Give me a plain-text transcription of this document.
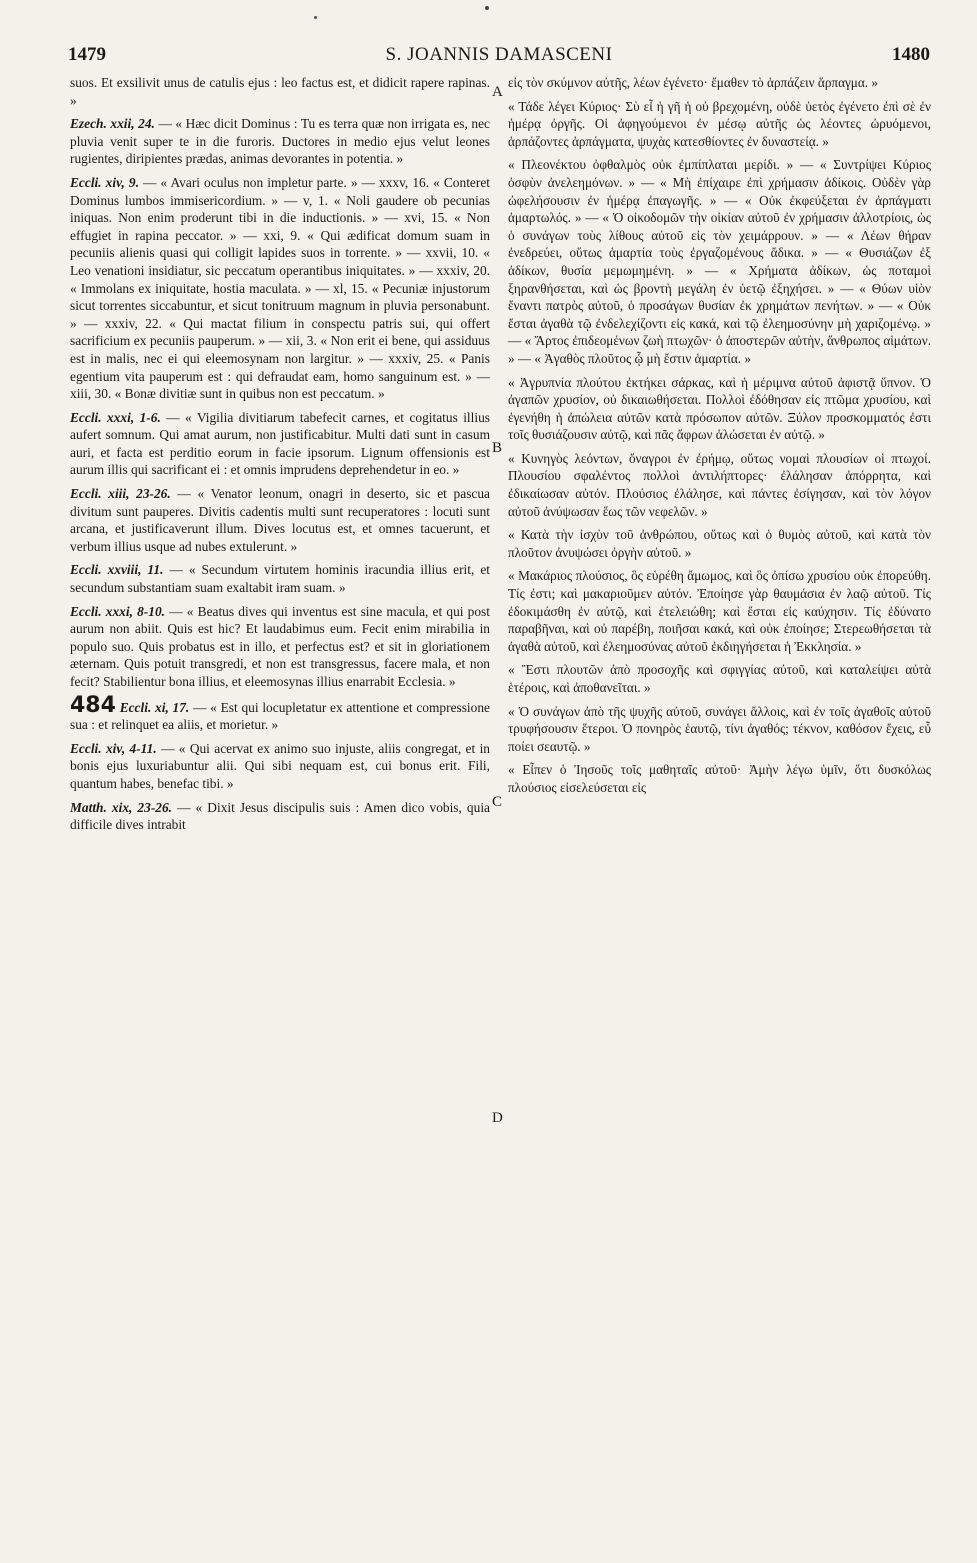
1479	S. JOANNIS DAMASCENI	1480
A
B
C
D

suos. Et exsilivit unus de catulis ejus : leo factus est, et didicit rapere rapinas. »

Ezech. xxii, 24. — « Hæc dicit Dominus : Tu es terra quæ non irrigata es, nec pluvia venit super te in die furoris. Ductores in medio ejus velut leones rugientes, diripientes prædas, animas devorantes in potentia. »

Eccli. xiv, 9. — « Avari oculus non impletur parte. » — xxxv, 16. « Conteret Dominus lumbos immisericordium. » — v, 1. « Noli gaudere ob pecunias iniquas. Non enim proderunt tibi in die inductionis. » — xvi, 15. « Non effugiet in rapina peccator. » — xxi, 9. « Qui ædificat domum suam in pecuniis alienis quasi qui colligit lapides suos in torrente. » — xxvii, 10. « Leo venationi insidiatur, sic peccatum operantibus iniquitates. » — xxxiv, 20. « Immolans ex iniquitate, hostia maculata. » — xl, 15. « Pecuniæ injustorum sicut torrentes siccabuntur, et sicut tonitruum magnum in pluvia personabunt. » — xxxiv, 22. « Qui mactat filium in conspectu patris sui, qui offert sacrificium ex pecuniis pauperum. » — xii, 3. « Non erit ei bene, qui assiduus est in malis, nec ei qui eleemosynam non largitur. » — xxxiv, 25. « Panis egentium vita pauperum est : qui defraudat eam, homo sanguinum est. » — xiii, 30. « Bonæ divitiæ sunt in quibus non est peccatum. »

Eccli. xxxi, 1-6. — « Vigilia divitiarum tabefecit carnes, et cogitatus illius aufert somnum. Qui amat aurum, non justificabitur. Multi dati sunt in casum auri, et facta est perditio eorum in facie ipsorum. Lignum offensionis est aurum illis qui sacrificant ei : et omnis imprudens deprehendetur in eo. »

Eccli. xiii, 23-26. — « Venator leonum, onagri in deserto, sic et pascua divitum sunt pauperes. Divitis cadentis multi sunt recuperatores : locuti sunt arcana, et justificaverunt illum. Dives locutus est, et omnes tacuerunt, et verbum illius usque ad nubes extulerunt. »

Eccli. xxviii, 11. — « Secundum virtutem hominis iracundia illius erit, et secundum substantiam suam exaltabit iram suam. »

Eccli. xxxi, 8-10. — « Beatus dives qui inventus est sine macula, et qui post aurum non abiit. Quis est hic? Et laudabimus eum. Fecit enim mirabilia in populo suo. Quis probatus est in illo, et perfectus est? et sit in gloriationem æternam. Quis potuit transgredi, et non est transgressus, facere mala, et non fecit? Stabilientur bona illius, et eleemosynas illius enarrabit Ecclesia. »

484 Eccli. xi, 17. — « Est qui locupletatur ex attentione et compressione sua : et relinquet ea aliis, et morietur. »

Eccli. xiv, 4-11. — « Qui acervat ex animo suo injuste, aliis congregat, et in bonis ejus luxuriabuntur alii. Qui sibi nequam est, cui bonus erit. Fili, quantum habes, benefac tibi. »

Matth. xix, 23-26. — « Dixit Jesus discipulis suis : Amen dico vobis, quia difficile dives intrabit

εἰς τὸν σκύμνον αὐτῆς, λέων ἐγένετο· ἔμαθεν τὸ ἁρπάζειν ἅρπαγμα. »

« Τάδε λέγει Κύριος· Σὺ εἶ ἡ γῆ ἡ οὐ βρεχομένη, οὐδὲ ὑετὸς ἐγένετο ἐπὶ σὲ ἐν ἡμέρᾳ ὀργῆς. Οἱ ἀφηγούμενοι ἐν μέσῳ αὐτῆς ὡς λέοντες ὠρυόμενοι, ἁρπάζοντες ἁρπάγματα, ψυχὰς κατεσθίοντες ἐν δυναστείᾳ. »

« Πλεονέκτου ὀφθαλμὸς οὐκ ἐμπίπλαται μερίδι. » — « Συντρίψει Κύριος ὀσφὺν ἀνελεημόνων. » — « Μὴ ἐπίχαιρε ἐπὶ χρήμασιν ἀδίκοις. Οὐδὲν γὰρ ὠφελήσουσιν ἐν ἡμέρᾳ ἐπαγωγῆς. » — « Οὐκ ἐκφεύξεται ἐν ἁρπάγματι ἁμαρτωλός. » — « Ὁ οἰκοδομῶν τὴν οἰκίαν αὐτοῦ ἐν χρήμασιν ἀλλοτρίοις, ὡς ὁ συνάγων τοὺς λίθους αὐτοῦ εἰς τὸν χειμάρρουν. » — « Λέων θήραν ἐνεδρεύει, οὕτως ἁμαρτία τοὺς ἐργαζομένους ἄδικα. » — « Θυσιάζων ἐξ ἀδίκων, θυσία μεμωμημένη. » — « Χρήματα ἀδίκων, ὡς ποταμοὶ ξηρανθήσεται, καὶ ὡς βροντὴ μεγάλη ἐν ὑετῷ ἐξηχήσει. » — « Θύων υἱὸν ἔναντι πατρὸς αὐτοῦ, ὁ προσάγων θυσίαν ἐκ χρημάτων πενήτων. » — « Οὐκ ἔσται ἀγαθὰ τῷ ἐνδελεχίζοντι εἰς κακά, καὶ τῷ ἐλεημοσύνην μὴ χαριζομένῳ. » — « Ἄρτος ἐπιδεομένων ζωὴ πτωχῶν· ὁ ἀποστερῶν αὐτὴν, ἄνθρωπος αἱμάτων. » — « Ἀγαθὸς πλοῦτος ᾧ μὴ ἔστιν ἁμαρτία. »

« Ἀγρυπνία πλούτου ἐκτήκει σάρκας, καὶ ἡ μέριμνα αὐτοῦ ἀφιστᾷ ὕπνον. Ὁ ἀγαπῶν χρυσίον, οὐ δικαιωθήσεται. Πολλοὶ ἐδόθησαν εἰς πτῶμα χρυσίου, καὶ ἐγενήθη ἡ ἀπώλεια αὐτῶν κατὰ πρόσωπον αὐτῶν. Ξύλον προσκομματός ἐστι τοῖς θυσιάζουσιν αὐτῷ, καὶ πᾶς ἄφρων ἁλώσεται ἐν αὐτῷ. »

« Κυνηγὸς λεόντων, ὄναγροι ἐν ἐρήμῳ, οὕτως νομαὶ πλουσίων οἱ πτωχοί. Πλουσίου σφαλέντος πολλοὶ ἀντιλήπτορες· ἐλάλησαν ἀπόρρητα, καὶ ἐδικαίωσαν αὐτόν. Πλούσιος ἐλάλησε, καὶ πάντες ἐσίγησαν, καὶ τὸν λόγον αὐτοῦ ἀνύψωσαν ἕως τῶν νεφελῶν. »

« Κατὰ τὴν ἰσχὺν τοῦ ἀνθρώπου, οὕτως καὶ ὁ θυμὸς αὐτοῦ, καὶ κατὰ τὸν πλοῦτον ἀνυψώσει ὀργὴν αὐτοῦ. »

« Μακάριος πλούσιος, ὃς εὑρέθη ἄμωμος, καὶ ὃς ὀπίσω χρυσίου οὐκ ἐπορεύθη. Τίς ἐστι; καὶ μακαριοῦμεν αὐτόν. Ἐποίησε γὰρ θαυμάσια ἐν λαῷ αὐτοῦ. Τίς ἐδοκιμάσθη ἐν αὐτῷ, καὶ ἐτελειώθη; καὶ ἔσται εἰς καύχησιν. Τίς ἐδύνατο παραβῆναι, καὶ οὐ παρέβη, ποιῆσαι κακά, καὶ οὐκ ἐποίησε; Στερεωθήσεται τὰ ἀγαθὰ αὐτοῦ, καὶ ἐλεημοσύνας αὐτοῦ ἐκδιηγήσεται ἡ Ἐκκλησία. »

« Ἔστι πλουτῶν ἀπὸ προσοχῆς καὶ σφιγγίας αὐτοῦ, καὶ καταλείψει αὐτὰ ἑτέροις, καὶ ἀποθανεῖται. »

« Ὁ συνάγων ἀπὸ τῆς ψυχῆς αὐτοῦ, συνάγει ἄλλοις, καὶ ἐν τοῖς ἀγαθοῖς αὐτοῦ τρυφήσουσιν ἕτεροι. Ὁ πονηρὸς ἑαυτῷ, τίνι ἀγαθός; τέκνον, καθόσον ἔχεις, εὖ ποίει σεαυτῷ. »

« Εἶπεν ὁ Ἰησοῦς τοῖς μαθηταῖς αὐτοῦ· Ἀμὴν λέγω ὑμῖν, ὅτι δυσκόλως πλούσιος εἰσελεύσεται εἰς
